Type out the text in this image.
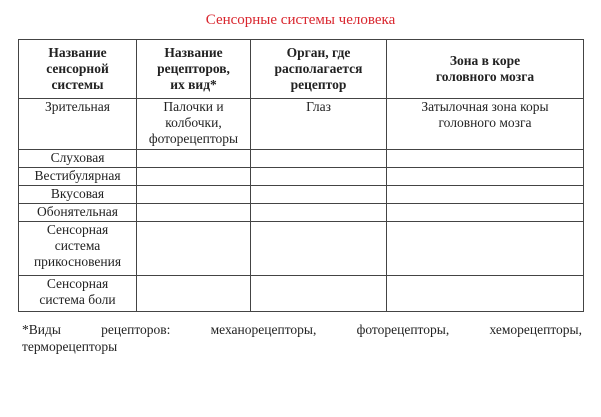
Сенсорные системы человека
Название
сенсорной
системы	Название
рецепторов,
их вид*	Орган, где
располагается
рецептор	Зона в коре
головного мозга

Зрительная	Палочки и
колбочки,
фоторецепторы	Глаз	Затылочная зона коры
головного мозга

Слуховая			

Вестибулярная			

Вкусовая			

Обонятельная			

Сенсорная
система
прикосновения			

Сенсорная
система боли			

*Виды рецепторов: механорецепторы, фоторецепторы, хеморецепторы,
терморецепторы
